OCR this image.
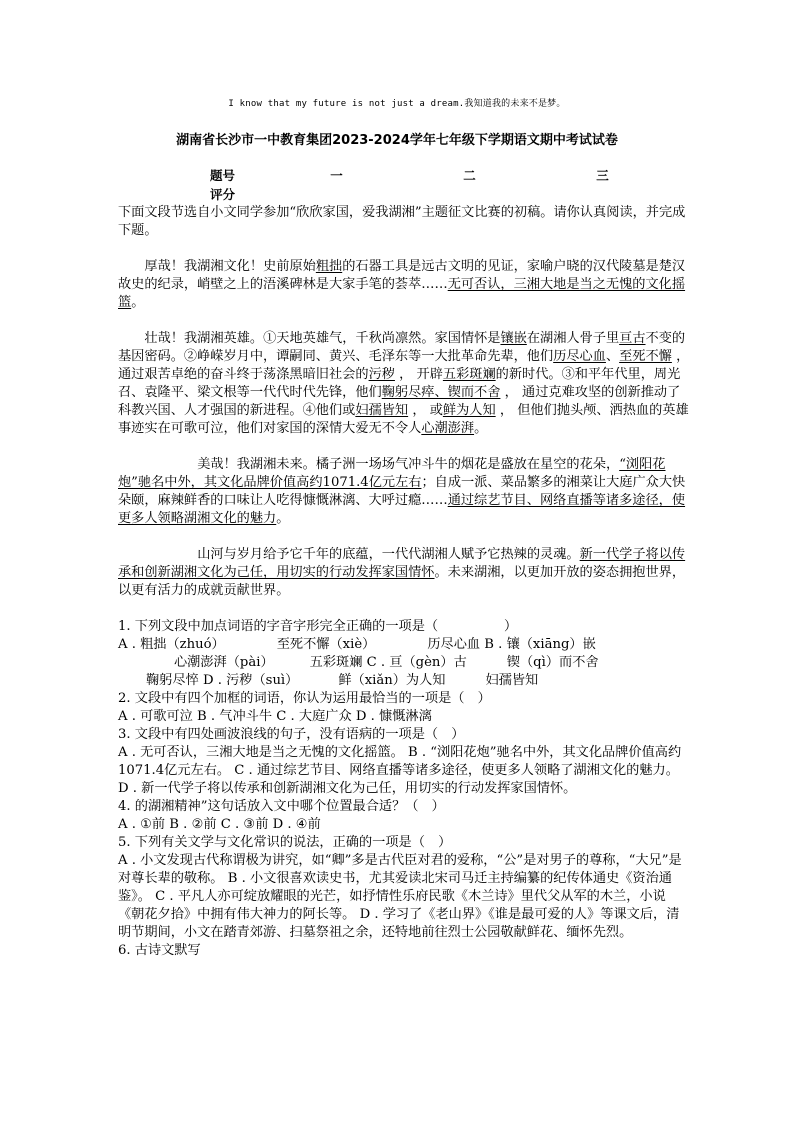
I know that my future is not just a dream.我知道我的未来不是梦。
湖南省长沙市一中教育集团2023-2024学年七年级下学期语文期中考试试卷
题号	一	二	三
评分

下面文段节选自小文同学参加“欣欣家国，爱我湖湘”主题征文比赛的初稿。请你认真阅读，并完成下题。

厚哉！我湖湘文化！史前原始粗拙的石器工具是远古文明的见证，家喻户晓的汉代陵墓是楚汉故史的纪录，峭壁之上的浯溪碑林是大家手笔的荟萃……无可否认，三湘大地是当之无愧的文化摇篮。

壮哉！我湖湘英雄。①天地英雄气，千秋尚凛然。家国情怀是镶嵌在湖湘人骨子里亘古不变的基因密码。②峥嵘岁月中，谭嗣同、黄兴、毛泽东等一大批革命先辈，他们历尽心血、至死不懈 ， 通过艰苦卓绝的奋斗终于荡涤黑暗旧社会的污秽 ， 开辟五彩斑斓的新时代。③和平年代里，周光召、袁隆平、梁文根等一代代时代先锋，他们鞠躬尽瘁、锲而不舍 ， 通过克难攻坚的创新推动了科教兴国、人才强国的新进程。④他们或妇孺皆知 ， 或鲜为人知 ， 但他们抛头颅、洒热血的英雄事迹实在可歌可泣，他们对家国的深情大爱无不令人心潮澎湃。

美哉！我湖湘未来。橘子洲一场场气冲斗牛的烟花是盛放在星空的花朵，“浏阳花炮”驰名中外，其文化品牌价值高约1071.4亿元左右；自成一派、菜品繁多的湘菜让大庭广众大快朵颐，麻辣鲜香的口味让人吃得慷慨淋漓、大呼过瘾……通过综艺节目、网络直播等诸多途径，使更多人领略湖湘文化的魅力。

山河与岁月给予它千年的底蕴，一代代湖湘人赋予它热辣的灵魂。新一代学子将以传承和创新湖湘文化为己任，用切实的行动发挥家国情怀。未来湖湘，以更加开放的姿态拥抱世界，以更有活力的成就贡献世界。

1. 下列文段中加点词语的字音字形完全正确的一项是（　　　　　）

A . 粗拙（zhuó）	至死不懈（xiè）	历尽心血 B . 镶（xiāng）嵌

心潮澎湃（pài）	五彩斑斓 C . 亘（gèn）古	锲（qì）而不舍

鞠躬尽悴 D . 污秽（suì）	鲜（xiǎn）为人知	妇孺皆知

2. 文段中有四个加框的词语，你认为运用最恰当的一项是（　）

A . 可歌可泣 B . 气冲斗牛 C . 大庭广众 D . 慷慨淋漓

3. 文段中有四处画波浪线的句子，没有语病的一项是（　）

A . 无可否认，三湘大地是当之无愧的文化摇篮。 B . “浏阳花炮”驰名中外，其文化品牌价值高约1071.4亿元左右。 C . 通过综艺节目、网络直播等诸多途径，使更多人领略了湖湘文化的魅力。 D . 新一代学子将以传承和创新湖湘文化为己任，用切实的行动发挥家国情怀。

4. 的湖湘精神”这句话放入文中哪个位置最合适？（　）

A . ①前 B . ②前 C . ③前 D . ④前

5. 下列有关文学与文化常识的说法，正确的一项是（　）

A . 小文发现古代称谓极为讲究，如“卿”多是古代臣对君的爱称，“公”是对男子的尊称，“大兄”是对尊长辈的敬称。 B . 小文很喜欢读史书，尤其爱读北宋司马迁主持编纂的纪传体通史《资治通鉴》。 C . 平凡人亦可绽放耀眼的光芒，如抒情性乐府民歌《木兰诗》里代父从军的木兰，小说《朝花夕拾》中拥有伟大神力的阿长等。 D . 学习了《老山界》《谁是最可爱的人》等课文后，清明节期间，小文在踏青郊游、扫墓祭祖之余，还特地前往烈士公园敬献鲜花、缅怀先烈。

6. 古诗文默写
